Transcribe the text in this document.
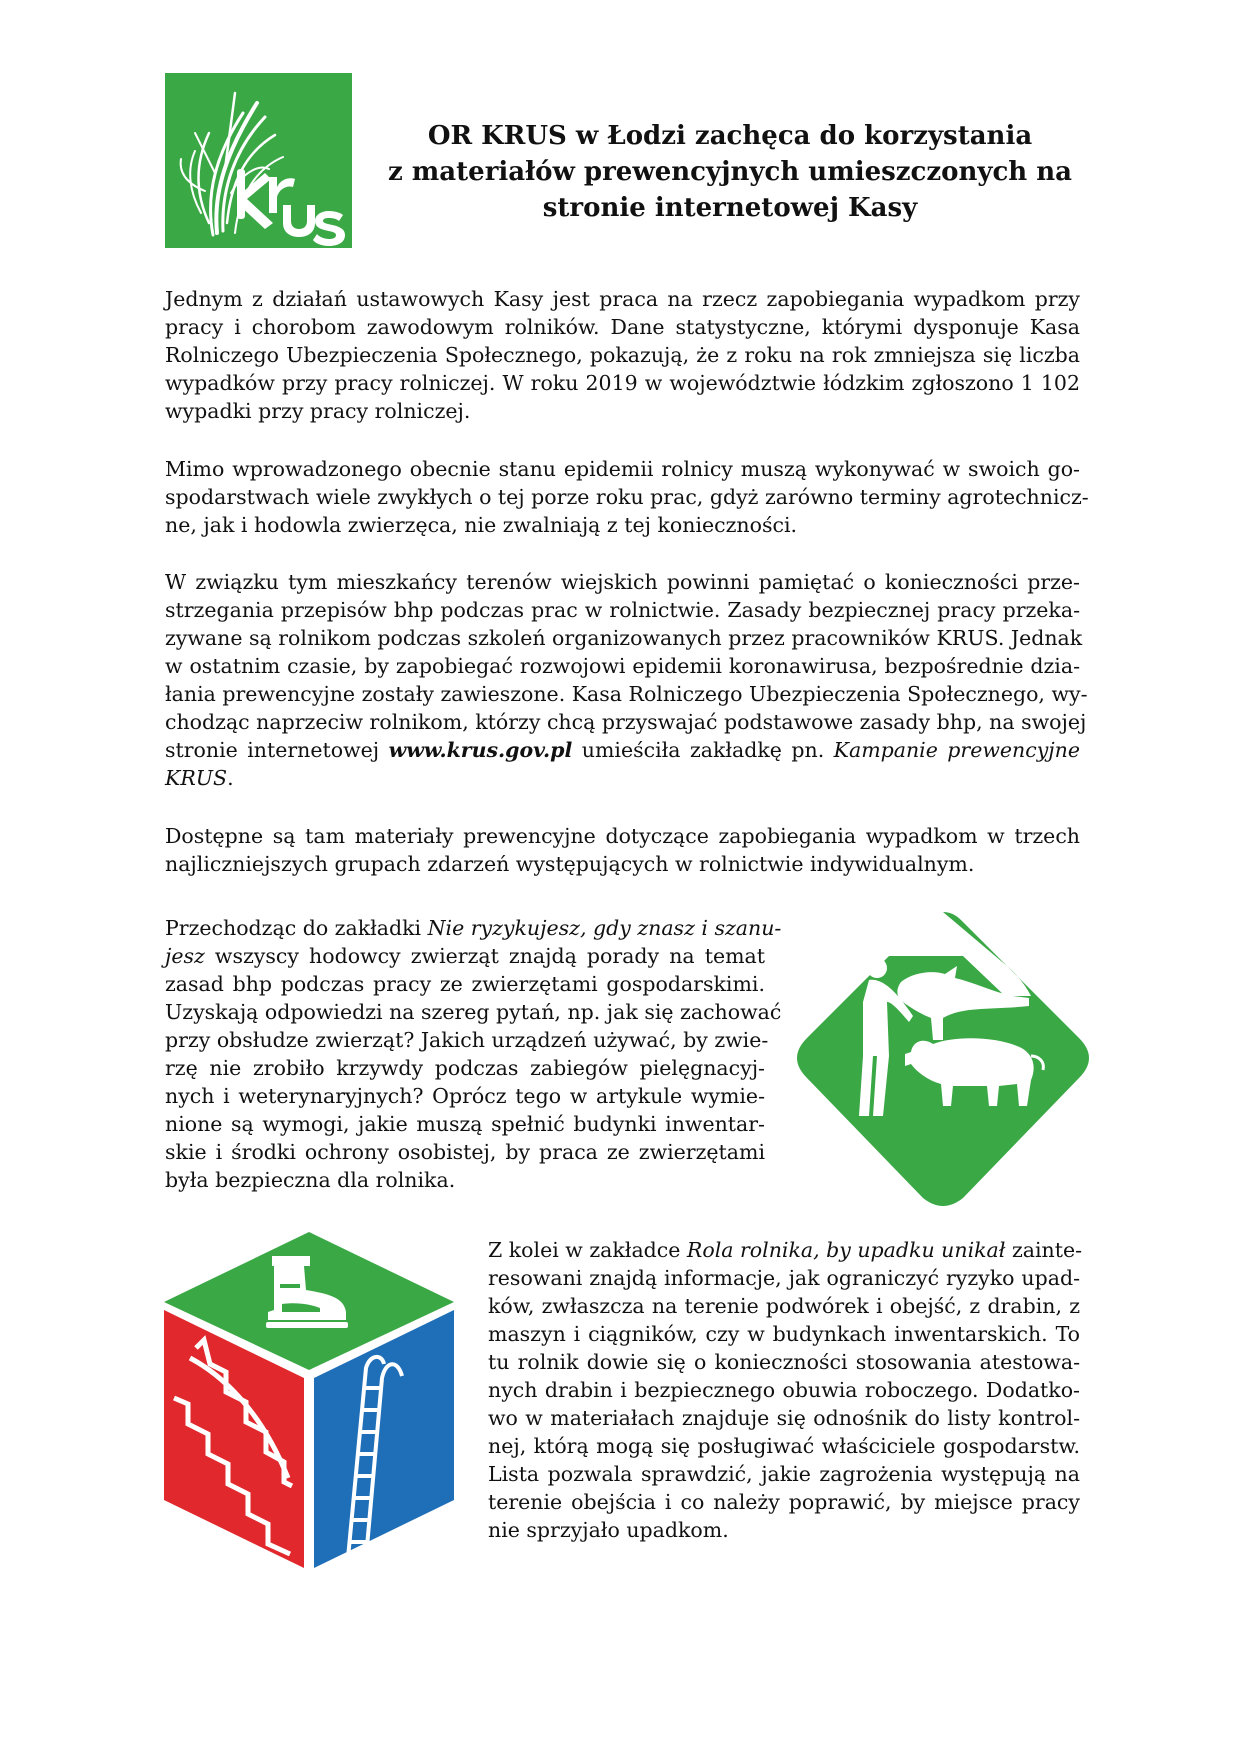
OR KRUS w Łodzi zachęca do korzystania
z materiałów prewencyjnych umieszczonych na
stronie internetowej Kasy
Jednym z działań ustawowych Kasy jest praca na rzecz zapobiegania wypadkom przy
pracy i chorobom zawodowym rolników. Dane statystyczne, którymi dysponuje Kasa
Rolniczego Ubezpieczenia Społecznego, pokazują, że z roku na rok zmniejsza się liczba
wypadków przy pracy rolniczej. W roku 2019 w województwie łódzkim zgłoszono 1 102
wypadki przy pracy rolniczej.
Mimo wprowadzonego obecnie stanu epidemii rolnicy muszą wykonywać w swoich go-
spodarstwach wiele zwykłych o tej porze roku prac, gdyż zarówno terminy agrotechnicz-
ne, jak i hodowla zwierzęca, nie zwalniają z tej konieczności.
W związku tym mieszkańcy terenów wiejskich powinni pamiętać o konieczności prze-
strzegania przepisów bhp podczas prac w rolnictwie. Zasady bezpiecznej pracy przeka-
zywane są rolnikom podczas szkoleń organizowanych przez pracowników KRUS. Jednak
w ostatnim czasie, by zapobiegać rozwojowi epidemii koronawirusa, bezpośrednie dzia-
łania prewencyjne zostały zawieszone. Kasa Rolniczego Ubezpieczenia Społecznego, wy-
chodząc naprzeciw rolnikom, którzy chcą przyswajać podstawowe zasady bhp, na swojej
stronie internetowej www.krus.gov.pl umieściła zakładkę pn. Kampanie prewencyjne
KRUS.
Dostępne są tam materiały prewencyjne dotyczące zapobiegania wypadkom w trzech
najliczniejszych grupach zdarzeń występujących w rolnictwie indywidualnym.
Przechodząc do zakładki Nie ryzykujesz, gdy znasz i szanu-
jesz wszyscy hodowcy zwierząt znajdą porady na temat
zasad bhp podczas pracy ze zwierzętami gospodarskimi.
Uzyskają odpowiedzi na szereg pytań, np. jak się zachować
przy obsłudze zwierząt? Jakich urządzeń używać, by zwie-
rzę nie zrobiło krzywdy podczas zabiegów pielęgnacyj-
nych i weterynaryjnych? Oprócz tego w artykule wymie-
nione są wymogi, jakie muszą spełnić budynki inwentar-
skie i środki ochrony osobistej, by praca ze zwierzętami
była bezpieczna dla rolnika.
Z kolei w zakładce Rola rolnika, by upadku unikał zainte-
resowani znajdą informacje, jak ograniczyć ryzyko upad-
ków, zwłaszcza na terenie podwórek i obejść, z drabin, z
maszyn i ciągników, czy w budynkach inwentarskich. To
tu rolnik dowie się o konieczności stosowania atestowa-
nych drabin i bezpiecznego obuwia roboczego. Dodatko-
wo w materiałach znajduje się odnośnik do listy kontrol-
nej, którą mogą się posługiwać właściciele gospodarstw.
Lista pozwala sprawdzić, jakie zagrożenia występują na
terenie obejścia i co należy poprawić, by miejsce pracy
nie sprzyjało upadkom.
